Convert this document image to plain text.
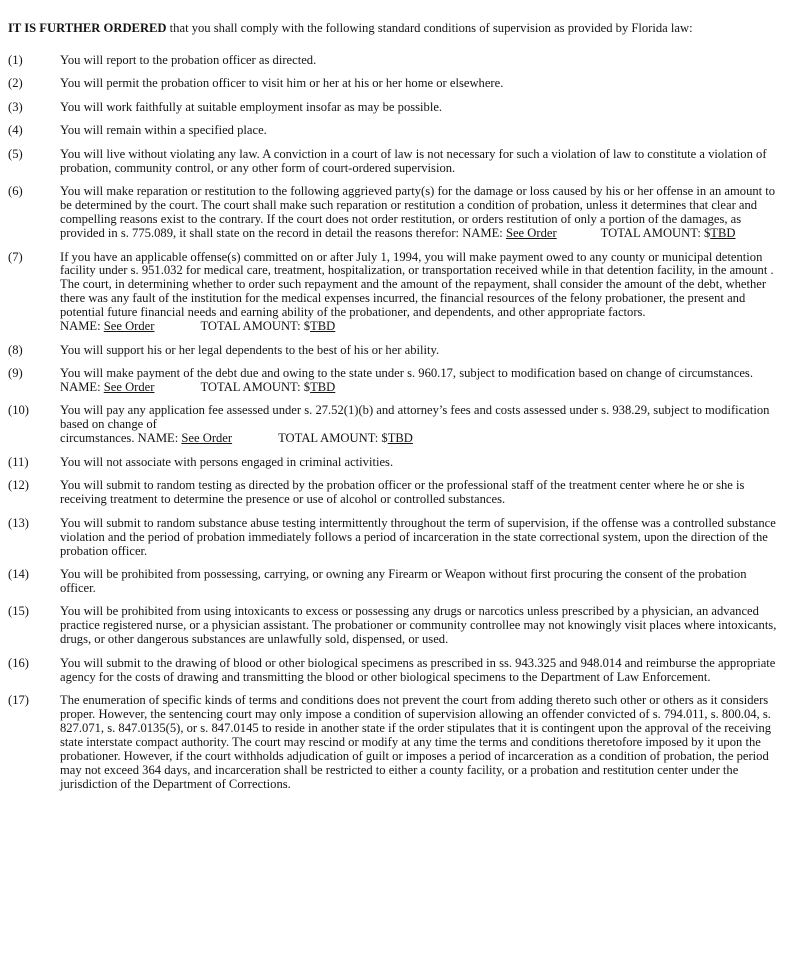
IT IS FURTHER ORDERED that you shall comply with the following standard conditions of supervision as provided by Florida law:

(1)	You will report to the probation officer as directed.
(2)	You will permit the probation officer to visit him or her at his or her home or elsewhere.
(3)	You will work faithfully at suitable employment insofar as may be possible.
(4)	You will remain within a specified place.
(5)	You will live without violating any law. A conviction in a court of law is not necessary for such a violation of law to constitute a violation of probation, community control, or any other form of court-ordered supervision.
(6)	You will make reparation or restitution to the following aggrieved party(s) for the damage or loss caused by his or her offense in an amount to be determined by the court. The court shall make such reparation or restitution a condition of probation, unless it determines that clear and compelling reasons exist to the contrary. If the court does not order restitution, or orders restitution of only a portion of the damages, as provided in s. 775.089, it shall state on the record in detail the reasons therefor: NAME: See Order	TOTAL AMOUNT: $TBD
(7)	If you have an applicable offense(s) committed on or after July 1, 1994, you will make payment owed to any county or municipal detention facility under s. 951.032 for medical care, treatment, hospitalization, or transportation received while in that detention facility, in the amount . The court, in determining whether to order such repayment and the amount of the repayment, shall consider the amount of the debt, whether there was any fault of the institution for the medical expenses incurred, the financial resources of the felony probationer, the present and potential future financial needs and earning ability of the probationer, and dependents, and other appropriate factors.
NAME: See Order	TOTAL AMOUNT: $TBD
(8)	You will support his or her legal dependents to the best of his or her ability.
(9)	You will make payment of the debt due and owing to the state under s. 960.17, subject to modification based on change of circumstances.
NAME: See Order	TOTAL AMOUNT: $TBD
(10)	You will pay any application fee assessed under s. 27.52(1)(b) and attorney’s fees and costs assessed under s. 938.29, subject to modification based on change of
circumstances. NAME: See Order	TOTAL AMOUNT: $TBD
(11)	You will not associate with persons engaged in criminal activities.
(12)	You will submit to random testing as directed by the probation officer or the professional staff of the treatment center where he or she is receiving treatment to determine the presence or use of alcohol or controlled substances.
(13)	You will submit to random substance abuse testing intermittently throughout the term of supervision, if the offense was a controlled substance violation and the period of probation immediately follows a period of incarceration in the state correctional system, upon the direction of the probation officer.
(14)	You will be prohibited from possessing, carrying, or owning any Firearm or Weapon without first procuring the consent of the probation officer.
(15)	You will be prohibited from using intoxicants to excess or possessing any drugs or narcotics unless prescribed by a physician, an advanced practice registered nurse, or a physician assistant. The probationer or community controllee may not knowingly visit places where intoxicants, drugs, or other dangerous substances are unlawfully sold, dispensed, or used.
(16)	You will submit to the drawing of blood or other biological specimens as prescribed in ss. 943.325 and 948.014 and reimburse the appropriate agency for the costs of drawing and transmitting the blood or other biological specimens to the Department of Law Enforcement.
(17)	The enumeration of specific kinds of terms and conditions does not prevent the court from adding thereto such other or others as it considers proper. However, the sentencing court may only impose a condition of supervision allowing an offender convicted of s. 794.011, s. 800.04, s. 827.071, s. 847.0135(5), or s. 847.0145 to reside in another state if the order stipulates that it is contingent upon the approval of the receiving state interstate compact authority. The court may rescind or modify at any time the terms and conditions theretofore imposed by it upon the probationer. However, if the court withholds adjudication of guilt or imposes a period of incarceration as a condition of probation, the period may not exceed 364 days, and incarceration shall be restricted to either a county facility, or a probation and restitution center under the jurisdiction of the Department of Corrections.
